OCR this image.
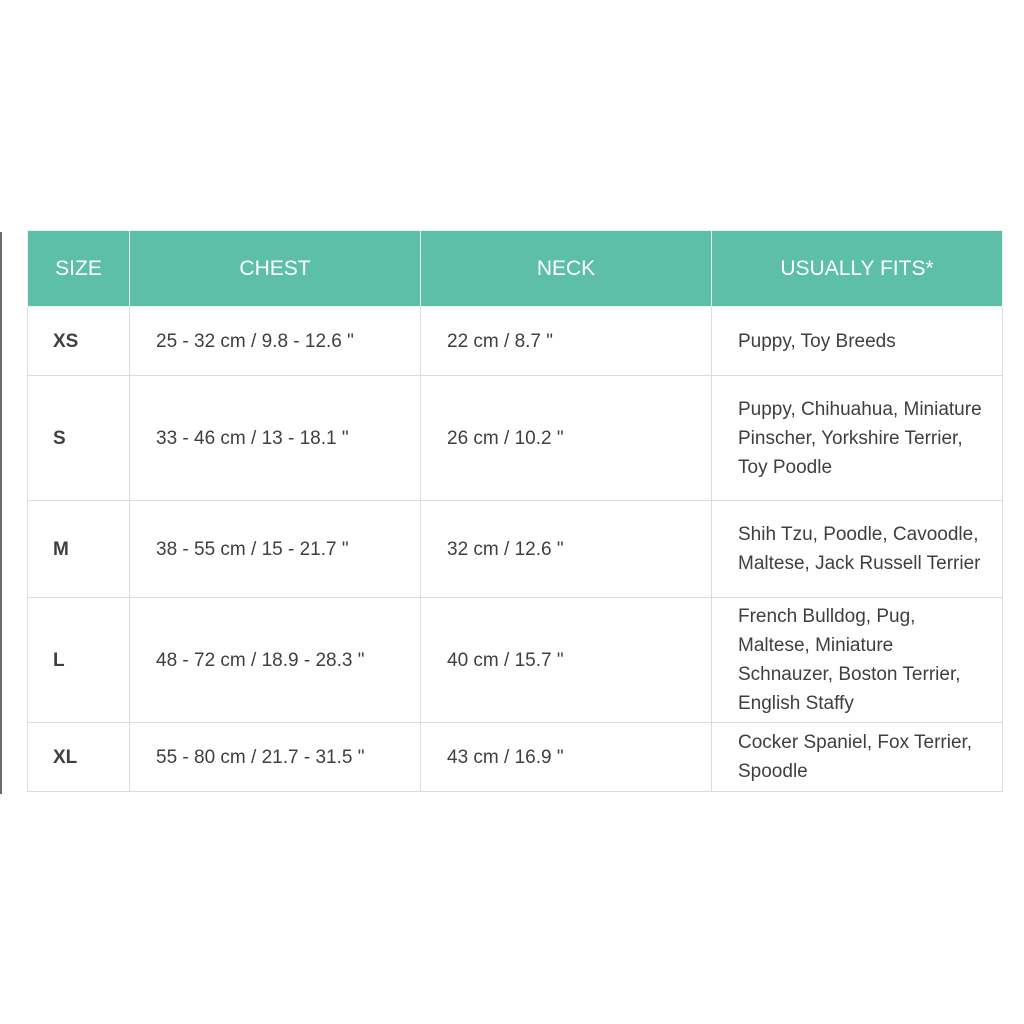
SIZE	CHEST	NECK	USUALLY FITS*
XS	25 - 32 cm / 9.8 - 12.6 "	22 cm / 8.7 "	Puppy, Toy Breeds
S	33 - 46 cm / 13 - 18.1 "	26 cm / 10.2 "	Puppy, Chihuahua, Miniature Pinscher, Yorkshire Terrier, Toy Poodle
M	38 - 55 cm / 15 - 21.7 "	32 cm / 12.6 "	Shih Tzu, Poodle, Cavoodle, Maltese, Jack Russell Terrier
L	48 - 72 cm / 18.9 - 28.3 "	40 cm / 15.7 "	French Bulldog, Pug, Maltese, Miniature Schnauzer, Boston Terrier, English Staffy
XL	55 - 80 cm / 21.7 - 31.5 "	43 cm / 16.9 "	Cocker Spaniel, Fox Terrier, Spoodle
